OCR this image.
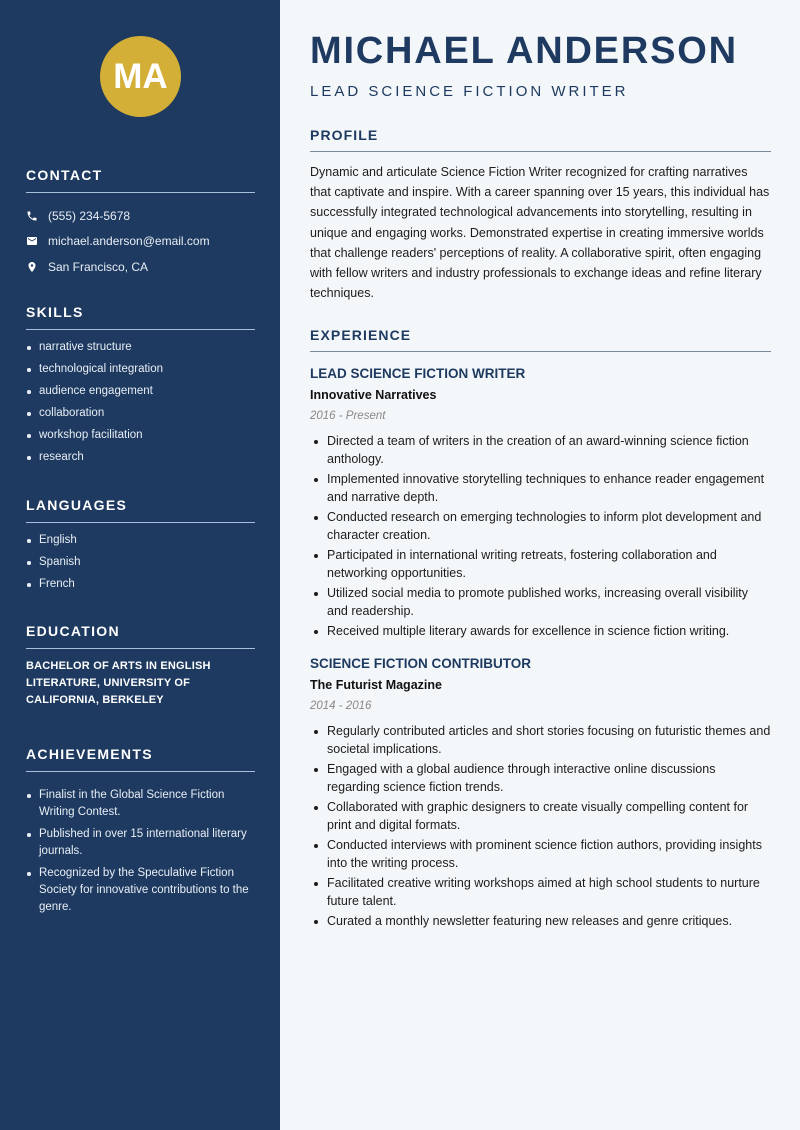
MA
CONTACT
(555) 234-5678
michael.anderson@email.com
San Francisco, CA
SKILLS
narrative structure
technological integration
audience engagement
collaboration
workshop facilitation
research
LANGUAGES
English
Spanish
French
EDUCATION
BACHELOR OF ARTS IN ENGLISH LITERATURE, UNIVERSITY OF CALIFORNIA, BERKELEY
ACHIEVEMENTS
Finalist in the Global Science Fiction Writing Contest.
Published in over 15 international literary journals.
Recognized by the Speculative Fiction Society for innovative contributions to the genre.
MICHAEL ANDERSON
LEAD SCIENCE FICTION WRITER
PROFILE

Dynamic and articulate Science Fiction Writer recognized for crafting narratives that captivate and inspire. With a career spanning over 15 years, this individual has successfully integrated technological advancements into storytelling, resulting in unique and engaging works. Demonstrated expertise in creating immersive worlds that challenge readers' perceptions of reality. A collaborative spirit, often engaging with fellow writers and industry professionals to exchange ideas and refine literary techniques.

EXPERIENCE
LEAD SCIENCE FICTION WRITER
Innovative Narratives
2016 - Present
Directed a team of writers in the creation of an award-winning science fiction anthology.
Implemented innovative storytelling techniques to enhance reader engagement and narrative depth.
Conducted research on emerging technologies to inform plot development and character creation.
Participated in international writing retreats, fostering collaboration and networking opportunities.
Utilized social media to promote published works, increasing overall visibility and readership.
Received multiple literary awards for excellence in science fiction writing.
SCIENCE FICTION CONTRIBUTOR
The Futurist Magazine
2014 - 2016
Regularly contributed articles and short stories focusing on futuristic themes and societal implications.
Engaged with a global audience through interactive online discussions regarding science fiction trends.
Collaborated with graphic designers to create visually compelling content for print and digital formats.
Conducted interviews with prominent science fiction authors, providing insights into the writing process.
Facilitated creative writing workshops aimed at high school students to nurture future talent.
Curated a monthly newsletter featuring new releases and genre critiques.
